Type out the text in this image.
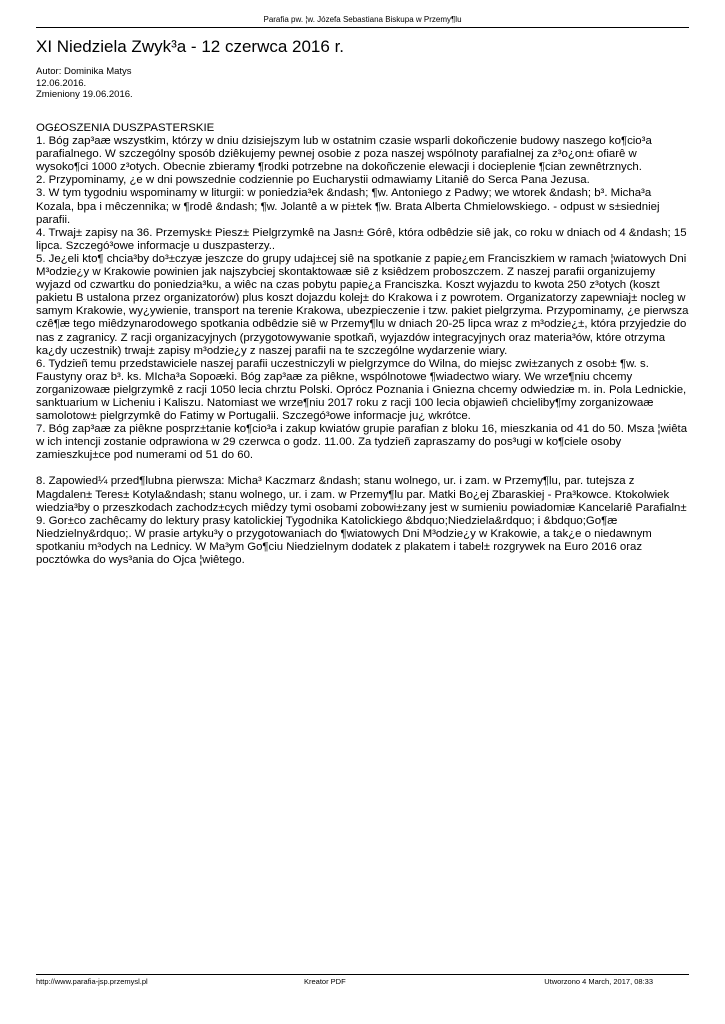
Parafia pw. ¦w. Józefa Sebastiana Biskupa w Przemy¶lu
XI Niedziela Zwyk³a - 12 czerwca 2016 r.
Autor: Dominika Matys
12.06.2016.
Zmieniony 19.06.2016.

OG£OSZENIA DUSZPASTERSKIE

1. Bóg zap³aæ wszystkim, którzy w dniu dzisiejszym lub w ostatnim czasie wsparli dokoñczenie budowy naszego ko¶cio³a parafialnego. W szczególny sposób dziêkujemy pewnej osobie z poza naszej wspólnoty parafialnej za z³o¿on± ofiarê w wysoko¶ci 1000 z³otych. Obecnie zbieramy ¶rodki potrzebne na dokoñczenie elewacji i docieplenie ¶cian zewnêtrznych.

2. Przypominamy, ¿e w dni powszednie codziennie po Eucharystii odmawiamy Litaniê do Serca Pana Jezusa.

3. W tym tygodniu wspominamy w liturgii: w poniedzia³ek &ndash; ¶w. Antoniego z Padwy; we wtorek &ndash; b³. Micha³a Kozala, bpa i mêczennika; w ¶rodê &ndash; ¶w. Jolantê a w pi±tek ¶w. Brata Alberta Chmielowskiego. - odpust w s±siedniej parafii.

4. Trwaj± zapisy na 36. Przemysk± Piesz± Pielgrzymkê na Jasn± Górê, która odbêdzie siê jak, co roku w dniach od 4 &ndash; 15 lipca. Szczegó³owe informacje u duszpasterzy..

5. Je¿eli kto¶ chcia³by do³±czyæ jeszcze do grupy udaj±cej siê na spotkanie z papie¿em Franciszkiem w ramach ¦wiatowych Dni M³odzie¿y w Krakowie powinien jak najszybciej skontaktowaæ siê z ksiêdzem proboszczem. Z naszej parafii organizujemy wyjazd od czwartku do poniedzia³ku, a wiêc na czas pobytu papie¿a Franciszka. Koszt wyjazdu to kwota 250 z³otych (koszt pakietu B ustalona przez organizatorów) plus koszt dojazdu kolej± do Krakowa i z powrotem. Organizatorzy zapewniaj± nocleg w samym Krakowie, wy¿ywienie, transport na terenie Krakowa, ubezpieczenie i tzw. pakiet pielgrzyma. Przypominamy, ¿e pierwsza czê¶æ tego miêdzynarodowego spotkania odbêdzie siê w Przemy¶lu w dniach 20-25 lipca wraz z m³odzie¿±, która przyjedzie do nas z zagranicy. Z racji organizacyjnych (przygotowywanie spotkañ, wyjazdów integracyjnych oraz materia³ów, które otrzyma ka¿dy uczestnik) trwaj± zapisy m³odzie¿y z naszej parafii na te szczególne wydarzenie wiary.

6. Tydzieñ temu przedstawiciele naszej parafii uczestniczyli w pielgrzymce do Wilna, do miejsc zwi±zanych z osob± ¶w. s. Faustyny oraz b³. ks. MIcha³a Sopoæki. Bóg zap³aæ za piêkne, wspólnotowe ¶wiadectwo wiary. We wrze¶niu chcemy zorganizowaæ pielgrzymkê z racji 1050 lecia chrztu Polski. Oprócz Poznania i Gniezna chcemy odwiedziæ m. in. Pola Lednickie, sanktuarium w Licheniu i Kaliszu. Natomiast we wrze¶niu 2017 roku z racji 100 lecia objawieñ chcieliby¶my zorganizowaæ samolotow± pielgrzymkê do Fatimy w Portugalii. Szczegó³owe informacje ju¿ wkrótce.

7. Bóg zap³aæ za piêkne posprz±tanie ko¶cio³a i zakup kwiatów grupie parafian z bloku 16, mieszkania od 41 do 50. Msza ¦wiêta w ich intencji zostanie odprawiona w 29 czerwca o godz. 11.00. Za tydzieñ zapraszamy do pos³ugi w ko¶ciele osoby zamieszkuj±ce pod numerami od 51 do 60.

8. Zapowied¼ przed¶lubna pierwsza: Micha³ Kaczmarz &ndash; stanu wolnego, ur. i zam. w Przemy¶lu, par. tutejsza z Magdalen± Teres± Kotyla&ndash; stanu wolnego, ur. i zam. w Przemy¶lu par. Matki Bo¿ej Zbaraskiej - Pra³kowce. Ktokolwiek wiedzia³by o przeszkodach zachodz±cych miêdzy tymi osobami zobowi±zany jest w sumieniu powiadomiæ Kancelariê Parafialn±

9. Gor±co zachêcamy do lektury prasy katolickiej Tygodnika Katolickiego &bdquo;Niedziela&rdquo; i &bdquo;Go¶æ Niedzielny&rdquo;. W prasie artyku³y o przygotowaniach do ¶wiatowych Dni M³odzie¿y w Krakowie, a tak¿e o niedawnym spotkaniu m³odych na Lednicy. W Ma³ym Go¶ciu Niedzielnym dodatek z plakatem i tabel± rozgrywek na Euro 2016 oraz pocztówka do wys³ania do Ojca ¦wiêtego.

http://www.parafia-jsp.przemysl.pl	Kreator PDF	Utworzono 4 March, 2017, 08:33
